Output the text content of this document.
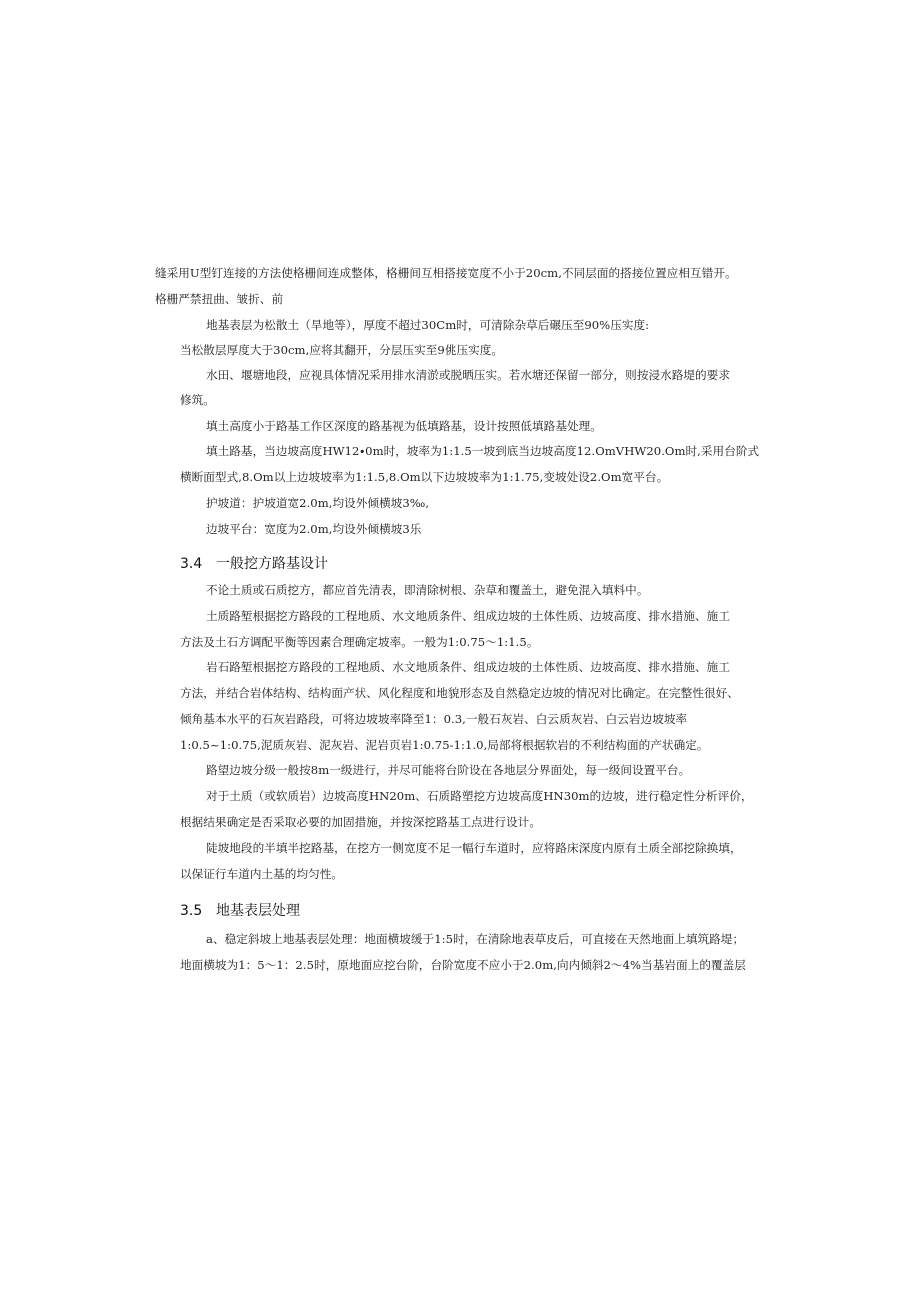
缝采用U型钉连接的方法使格栅间连成整体，格栅间互相搭接宽度不小于20cm,不同层面的搭接位置应相互错开。
格栅严禁扭曲、皱折、前
地基表层为松散土（旱地等），厚度不超过30Cm时，可清除杂草后碾压至90%压实度:
当松散层厚度大于30cm,应将其翻开，分层压实至9佻压实度。
水田、堰塘地段，应视具体情况采用排水清淤或脱晒压实。若水塘还保留一部分，则按浸水路堤的要求
修筑。
填土高度小于路基工作区深度的路基视为低填路基，设计按照低填路基处理。
填土路基，当边坡高度HW12∙0m时，坡率为1:1.5一坡到底当边坡高度12.OmVHW20.Om时,采用台阶式
横断面型式,8.Om以上边坡坡率为1:1.5,8.Om以下边坡坡率为1:1.75,变坡处设2.Om宽平台。
护坡道：护坡道宽2.0m,均设外倾横坡3‰,
边坡平台：宽度为2.0m,均设外倾横坡3乐
3.4 一般挖方路基设计
不论土质或石质挖方，都应首先清表，即清除树根、杂草和覆盖土，避免混入填料中。
土质路堑根据挖方路段的工程地质、水文地质条件、组成边坡的土体性质、边坡高度、排水措施、施工
方法及土石方调配平衡等因素合理确定坡率。一般为1:0.75～1:1.5。
岩石路堑根据挖方路段的工程地质、水文地质条件、组成边坡的土体性质、边坡高度、排水措施、施工
方法，并结合岩体结构、结构面产状、风化程度和地貌形态及自然稳定边坡的情况对比确定。在完整性很好、
倾角基本水平的石灰岩路段，可将边坡坡率降至1：0.3,一般石灰岩、白云质灰岩、白云岩边坡坡率
1:0.5~1:0.75,泥质灰岩、泥灰岩、泥岩页岩1:0.75-1:1.0,局部将根据软岩的不利结构面的产状确定。
路望边坡分级一般按8m一级进行，并尽可能将台阶设在各地层分界面处，每一级间设置平台。
对于土质（或软质岩）边坡高度HN20m、石质路塑挖方边坡高度HN30m的边坡，进行稳定性分析评价，
根据结果确定是否采取必要的加固措施，并按深挖路基工点进行设计。
陡坡地段的半填半挖路基，在挖方一侧宽度不足一幅行车道时，应将路床深度内原有土质全部挖除换填，
以保证行车道内土基的均匀性。
3.5 地基表层处理
a、稳定斜坡上地基表层处理：地面横坡缓于1:5时，在清除地表草皮后，可直接在天然地面上填筑路堤；
地面横坡为1：5～1：2.5时，原地面应挖台阶，台阶宽度不应小于2.0m,向内倾斜2～4%当基岩面上的覆盖层
